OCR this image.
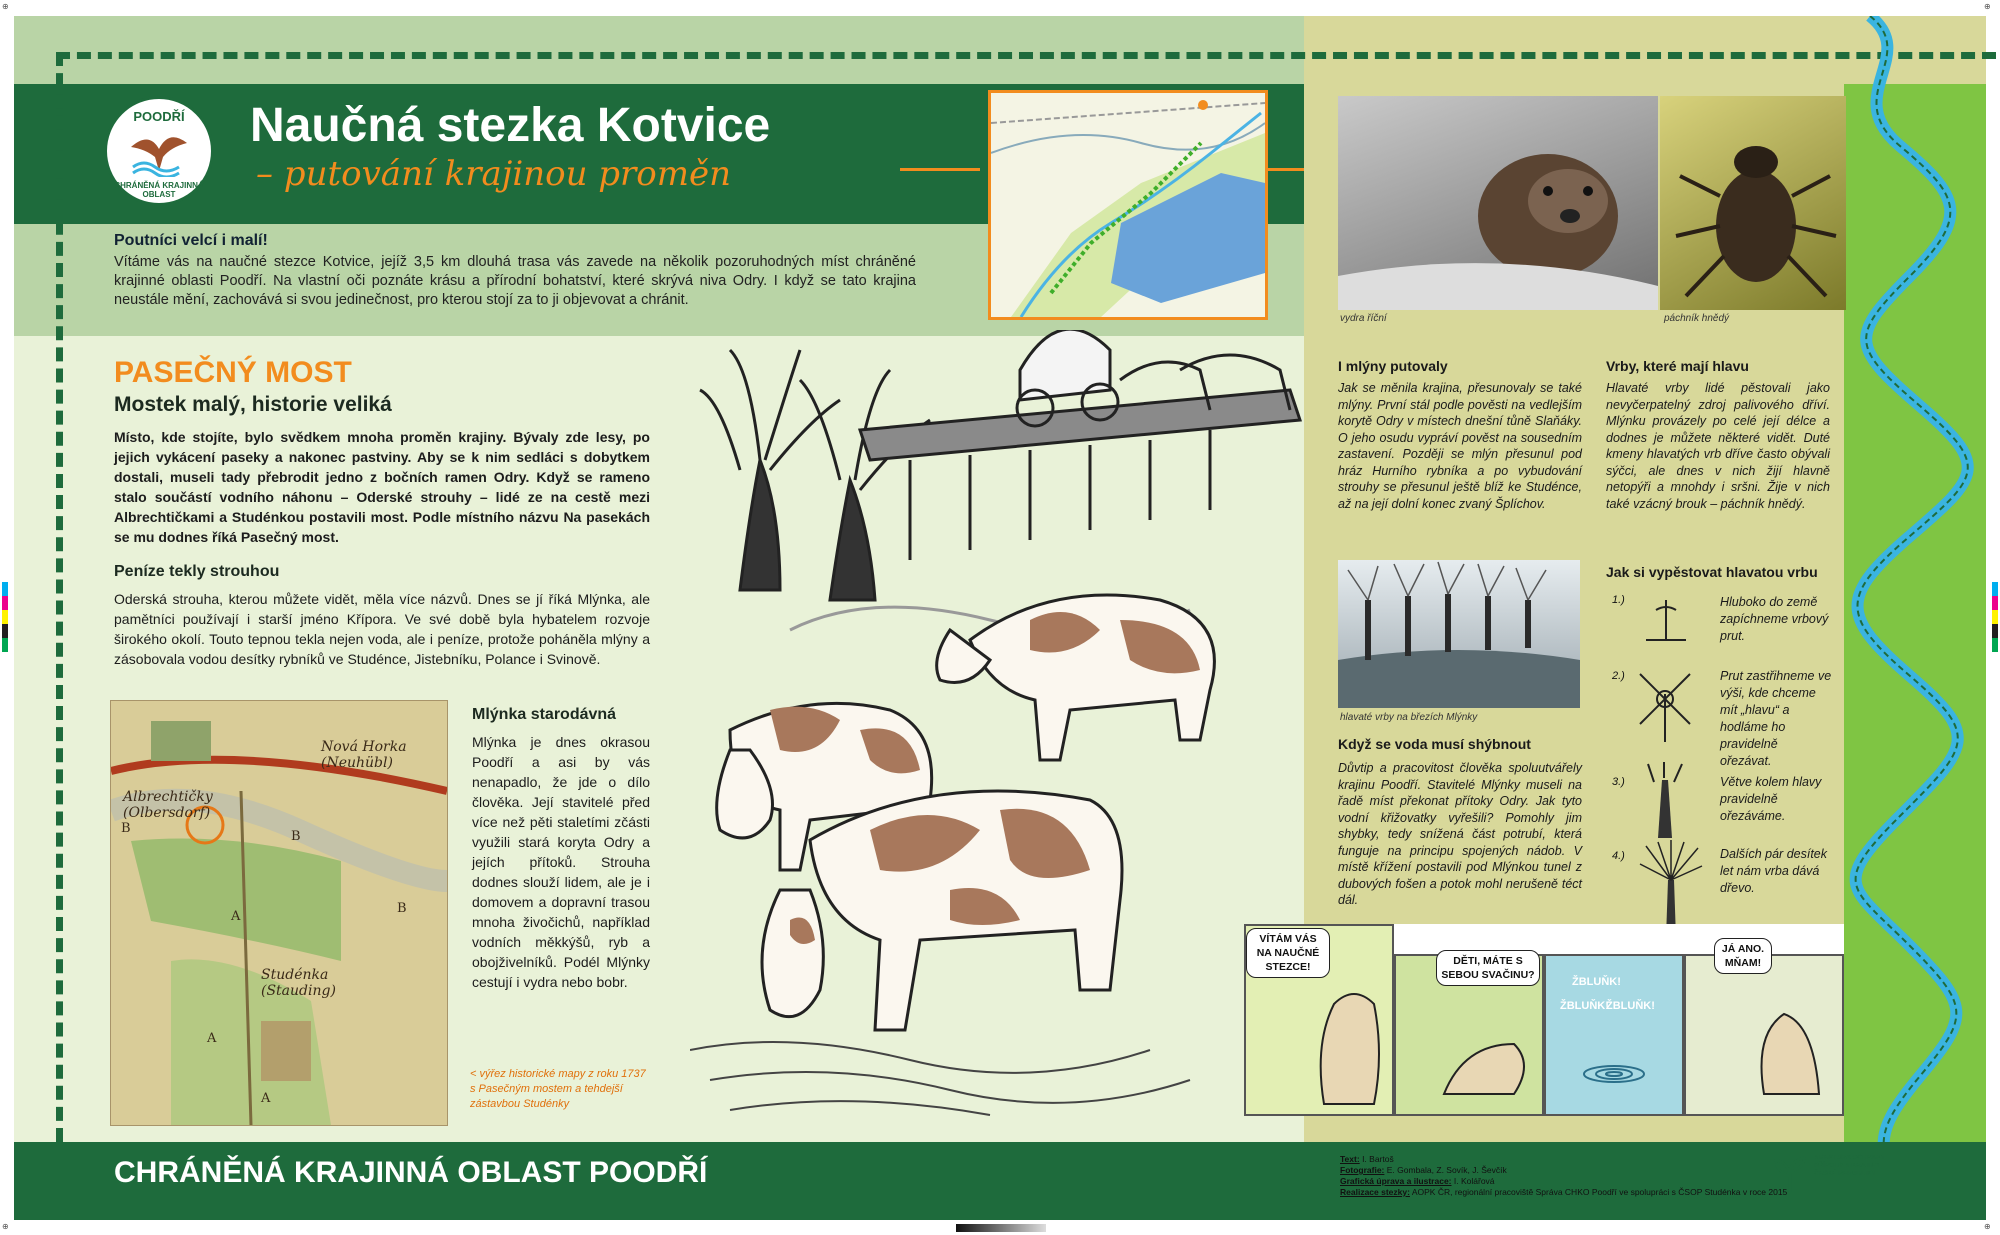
⊕	⊕
⊕	⊕
POODŘÍ
CHRÁNĚNÁ KRAJINNÁ OBLAST
Naučná stezka Kotvice
– putování krajinou proměn
vydra říční	páchník hnědý
Poutníci velcí i malí!
Vítáme vás na naučné stezce Kotvice, jejíž 3,5 km dlouhá trasa vás zavede na několik pozoruhodných míst chráněné krajinné oblasti Poodří. Na vlastní oči poznáte krásu a přírodní bohatství, které skrývá niva Odry. I když se tato krajina neustále mění, zachovává si svou jedinečnost, pro kterou stojí za to ji objevovat a chránit.
PASEČNÝ MOST
Mostek malý, historie veliká
Místo, kde stojíte, bylo svědkem mnoha proměn krajiny. Bývaly zde lesy, po jejich vykácení paseky a nakonec pastviny. Aby se k nim sedláci s dobytkem dostali, museli tady přebrodit jedno z bočních ramen Odry. Když se rameno stalo součástí vodního náhonu – Oderské strouhy – lidé ze na cestě mezi Albrechtičkami a Studénkou postavili most. Podle místního názvu Na pasekách se mu dodnes říká Pasečný most.
Peníze tekly strouhou
Oderská strouha, kterou můžete vidět, měla více názvů. Dnes se jí říká Mlýnka, ale pamětníci používají i starší jméno Křípora. Ve své době byla hybatelem rozvoje širokého okolí. Touto tepnou tekla nejen voda, ale i peníze, protože poháněla mlýny a zásobovala vodou desítky rybníků ve Studénce, Jistebníku, Polance i Svinově.
Nová Horka (Neuhübl)
Albrechtičky (Olbersdorf)
Studénka (Stauding)
B
B
A
A
A
B
Mlýnka starodávná
Mlýnka je dnes okrasou Poodří a asi by vás nenapadlo, že jde o dílo člověka. Její stavitelé před více než pěti staletími zčásti využili stará koryta Odry a jejích přítoků. Strouha dodnes slouží lidem, ale je i domovem a dopravní trasou mnoha živočichů, například vodních měkkýšů, ryb a obojživelníků. Podél Mlýnky cestují i vydra nebo bobr.
< výřez historické mapy z roku 1737 s Pasečným mostem a tehdejší zástavbou Studénky
I mlýny putovaly
Jak se měnila krajina, přesunovaly se také mlýny. První stál podle pověsti na vedlejším korytě Odry v místech dnešní tůně Slaňáky. O jeho osudu vypráví pověst na sousedním zastavení. Později se mlýn přesunul pod hráz Hurního rybníka a po vybudování strouhy se přesunul ještě blíž ke Studénce, až na její dolní konec zvaný Šplíchov.
hlavaté vrby na březích Mlýnky
Když se voda musí shýbnout
Důvtip a pracovitost člověka spoluutvářely krajinu Poodří. Stavitelé Mlýnky museli na řadě míst překonat přítoky Odry. Jak tyto vodní křižovatky vyřešili? Pomohly jim shybky, tedy snížená část potrubí, která funguje na principu spojených nádob. V místě křížení postavili pod Mlýnkou tunel z dubových fošen a potok mohl nerušeně téct dál.
Vrby, které mají hlavu
Hlavaté vrby lidé pěstovali jako nevyčerpatelný zdroj palivového dříví. Mlýnku provázely po celé její délce a dodnes je můžete některé vidět. Duté kmeny hlavatých vrb dříve často obývali sýčci, ale dnes v nich žijí hlavně netopýři a mnohdy i sršni. Žije v nich také vzácný brouk – páchník hnědý.
Jak si vypěstovat hlavatou vrbu
1.)	Hluboko do země zapíchneme vrbový prut.
2.)	Prut zastřihneme ve výši, kde chceme mít „hlavu“ a hodláme ho pravidelně ořezávat.
3.)	Větve kolem hlavy pravidelně ořezáváme.
4.)	Dalších pár desítek let nám vrba dává dřevo.
VÍTÁM VÁS NA NAUČNÉ STEZCE!	DĚTI, MÁTE S SEBOU SVAČINU?
ŽBLUŇK!
ŽBLUŇK!
ŽBLUŇK!
JÁ ANO. MŇAM!
CHRÁNĚNÁ KRAJINNÁ OBLAST POODŘÍ	Text: I. Bartoš
Fotografie: E. Gombala, Z. Sovík, J. Ševčík
Grafická úprava a ilustrace: I. Kolářová
Realizace stezky: AOPK ČR, regionální pracoviště Správa CHKO Poodří ve spolupráci s ČSOP Studénka v roce 2015
AGENTURA OCHRANY PŘÍRODY A KRAJINY ČESKÉ REPUBLIKY
